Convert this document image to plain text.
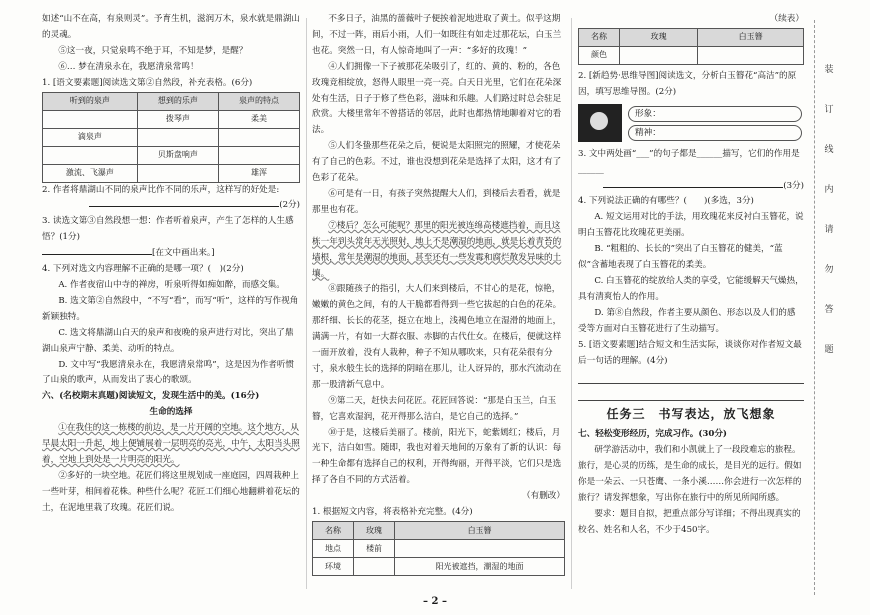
如述“山不在高，有泉则灵”。予育生机，滋润万木，泉水就是鼎湖山的灵魂。

⑤这一夜，只觉泉鸣不绝于耳，不知是梦，是醒？

⑥… 梦在清泉永在，我愿清泉常鸣！

1. [语文要素题]阅读选文第②自然段，补充表格。(6分)

听到的泉声	想到的乐声	泉声的特点
	拨琴声	柔美
滴泉声		
	贝斯盘响声	
激流、飞瀑声		雄浑

2. 作者将鼎湖山不同的泉声比作不同的乐声，这样写的好处是:

(2分)

3. 读选文第③自然段想一想：作者听着泉声，产生了怎样的人生感悟？(1分)

[在文中画出来。]

4. 下列对选文内容理解不正确的是哪一项？(　)(2分)

A. 作者夜宿山中寺的禅房，听泉听得如痴如醉，而感交集。

B. 选文第②自然段中，“不写“看”，而写“听”，这样的写作视角新颖独特。

C. 选文将鼎湖山白天的泉声和夜晚的泉声进行对比，突出了鼎湖山泉声宁静、柔美、动听的特点。

D. 文中写“我愿清泉永在，我愿清泉常鸣”，这是因为作者听惯了山泉的歌声，从而发出了衷心的歌颂。

六、(名校期末真题)阅读短文，发现生活中的美。(16分)

生命的选择

①在我住的这一栋楼的前边，是一片开阔的空地。这个地方，从早晨太阳一升起，地上便铺展着一层明亮的亮光，中午，太阳当头照着，空地上到处是一片明亮的阳光。

②多好的一块空地。花匠们将这里规划成一座庭园，四周栽种上一些叶芽，相间着花株。种些什么呢？花匠工们细心地翻耕着花坛的土，在泥地里栽了玫瑰。花匠们说。

不多日子，油黑的蔷薇叶子便挨着泥地进取了黄土。似乎这期间，不过一阵，雨后小雨，人们一如既往有如走过那花坛，白玉兰也花。突然一日，有人惊奇地叫了一声：“多好的玫瑰！”

④人们拥像一下子被那花朵吸引了，红的、黄的、粉的，各色玫瑰竞相绽放，怒得人眼里一亮一亮。白天日光里，它们在花朵深处有生活，日子于修了些色彩，滋味和乐趣。人们路过时总会驻足欣赏。大楼里常年不曾搭话的邻居，此时也都热情地聊着对它的看法。

⑤人们冬蛰那些花朵之后，便说是太阳照完的照耀，才使花朵有了自己的色彩。不过，谁也没想到花朵是选择了太阳，这才有了色彩了花朵。

⑥可是有一日，有孩子突然提醒大人们，到楼后去看看，就是那里也有花。

⑦楼后？怎么可能呢？那里的阳光被连绵高楼遮挡着，而且这栋一年到头常年无光照射，地上不是潮湿的地面，就是长着青苔的墙根，常年是潮湿的地面，甚至还有一些发霉和腐烂散发异味的土壤。

⑧跟随孩子的指引，大人们来到楼后，不甘心的是花，惊艳，嫩嫩的黄色之间，有的人干脆都看得到一些它拔起的白色的花朵。那纤细、长长的花茎，挺立在地上，浅褐色地立在湿滑的地面上，满满一片，有如一大群衣服、赤脚的古代仕女。在楼后，便就这样一面开放着，没有人栽种，种子不知从哪吹来，只有花朵很有分寸，泉水般生长的选择的阴暗在那儿，让人讶异的，那水汽流动在那一股清新气息中。

⑨第二天，赶快去问花匠。花匠回答说：“那是白玉兰，白玉簪，它喜欢湿润，花开得那么洁白，是它自己的选择。”

⑩于是，这楼后美丽了。楼前，阳光下，蛇紫嫣红；楼后，月光下，洁白如雪。随即，我也对着天地间的万象有了新的认识：每一种生命都有选择自己的权利，开得绚丽，开得平淡，它们只是选择了各自不同的方式活着。

（有删改）

1. 根据短文内容，将表格补充完整。(4分)

名称	玫瑰	白玉簪
地点	楼前	
环境		阳光被遮挡，潮湿的地面

（续表）

名称	玫瑰	白玉簪
颜色		

2. [新趋势·思维导图]阅读选文，分析白玉簪花“高洁”的原因，填写思维导图。(2分)

形象：
精神：

3. 文中两处画“___”的句子都是______描写，它们的作用是______

(3分)

4. 下列说法正确的有哪些？(　　)(多选，3分)

A. 短文运用对比的手法，用玫瑰花来反衬白玉簪花，说明白玉簪花比玫瑰花更美丽。

B. “粗粗的、长长的”突出了白玉簪花的健美，“蓝似”含蓄地表现了白玉簪花的柔美。

C. 白玉簪花的绽放给人类的享受，它能缓解天气燥热，具有清爽怡人的作用。

D. 第⑧自然段，作者主要从颜色、形态以及人们的感受等方面对白玉簪花进行了生动描写。

5. [语文要素题]结合短文和生活实际，谈谈你对作者短文最后一句话的理解。(4分)

任务三　书写表达，放飞想象

七、轻松变形经历，完成习作。(30分)

研学游活动中，我们和小凯就上了一段段难忘的旅程。旅行，是心灵的历练，是生命的成长，是目光的远行。假如你是一朵云、一只苍鹰、一条小溪……你会进行一次怎样的旅行？请发挥想象，写出你在旅行中的所见所闻所感。

要求：题目自拟，把重点部分写详细；不得出现真实的校名、姓名和人名，不少于450字。

装
订
线
内
请
勿
答
题
– 2 –
